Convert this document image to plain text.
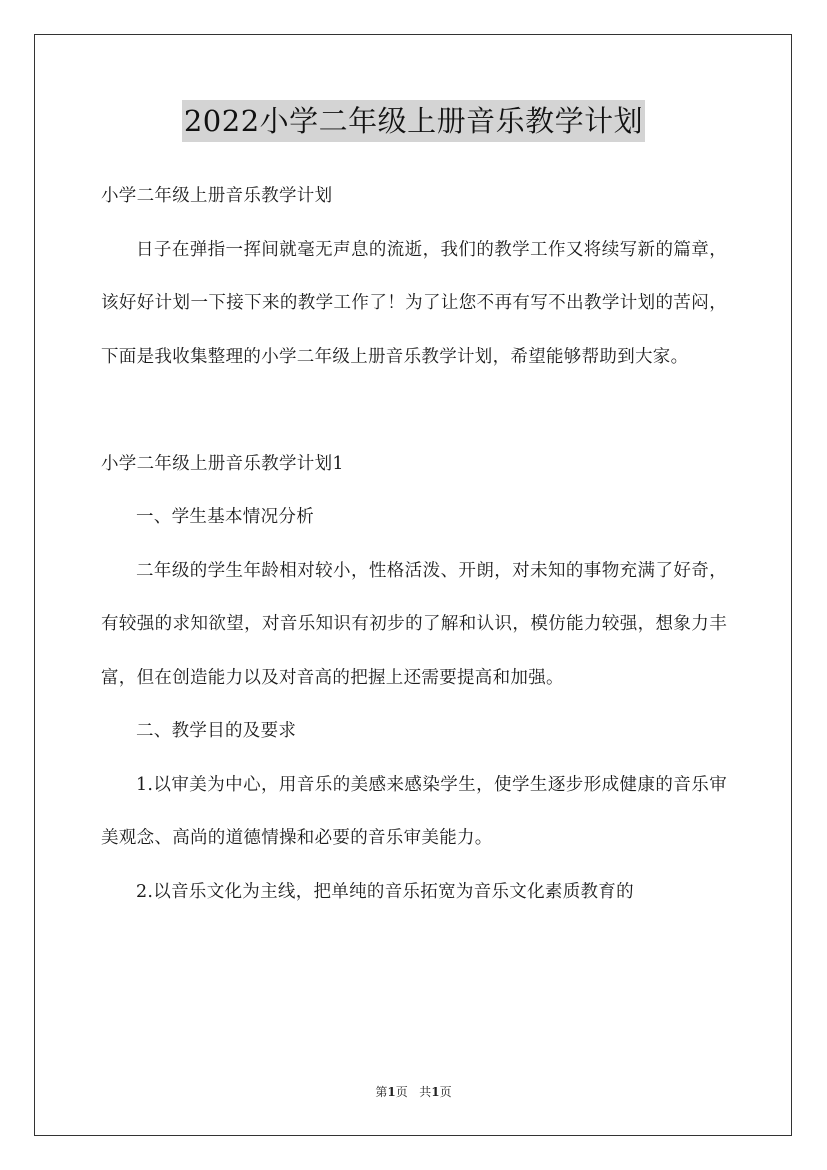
2022小学二年级上册音乐教学计划

小学二年级上册音乐教学计划

日子在弹指一挥间就毫无声息的流逝，我们的教学工作又将续写新的篇章，该好好计划一下接下来的教学工作了！为了让您不再有写不出教学计划的苦闷，下面是我收集整理的小学二年级上册音乐教学计划，希望能够帮助到大家。

小学二年级上册音乐教学计划1

一、学生基本情况分析

二年级的学生年龄相对较小，性格活泼、开朗，对未知的事物充满了好奇，有较强的求知欲望，对音乐知识有初步的了解和认识，模仿能力较强，想象力丰富，但在创造能力以及对音高的把握上还需要提高和加强。

二、教学目的及要求

1.以审美为中心，用音乐的美感来感染学生，使学生逐步形成健康的音乐审美观念、高尚的道德情操和必要的音乐审美能力。

2.以音乐文化为主线，把单纯的音乐拓宽为音乐文化素质教育的

第1页 共1页
